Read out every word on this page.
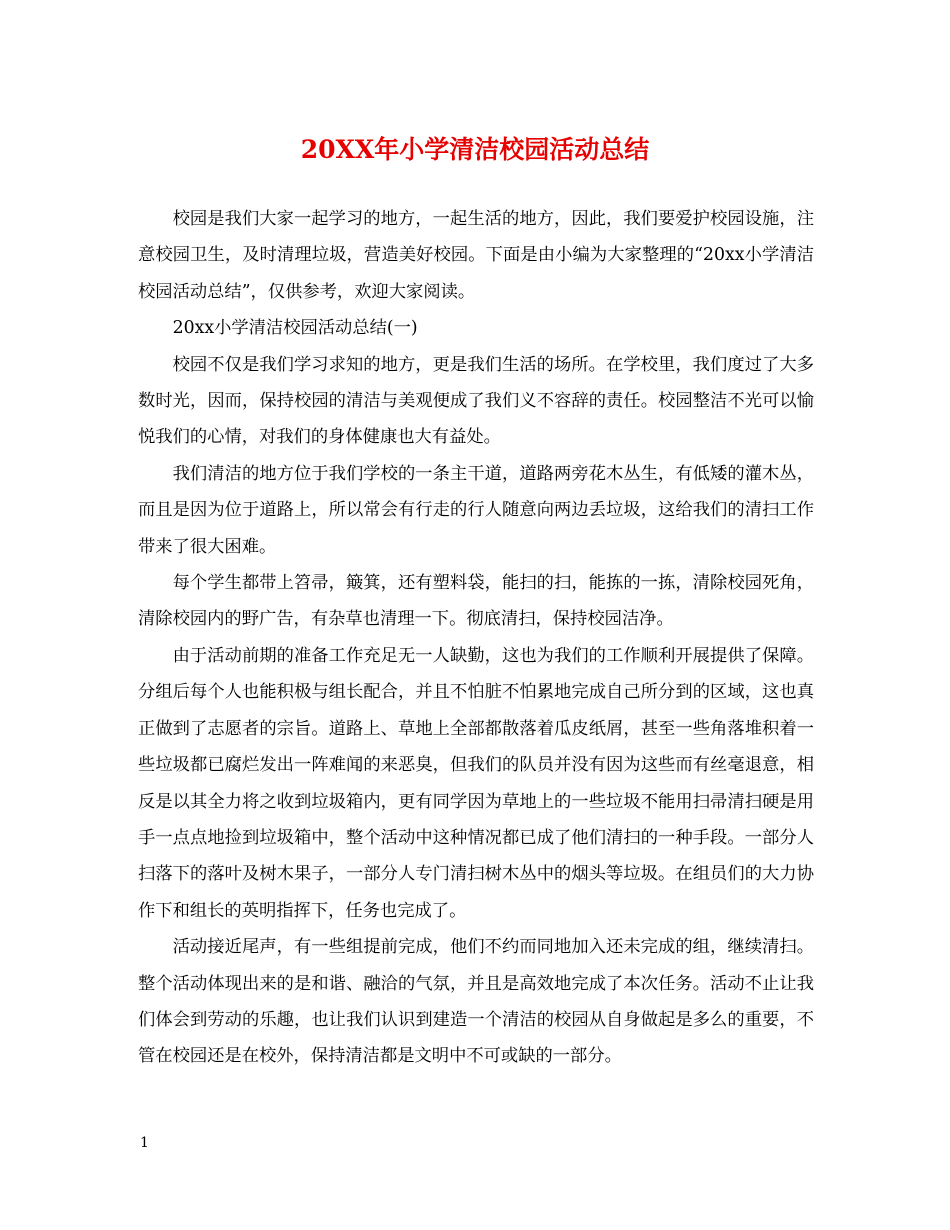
20XX年小学清洁校园活动总结

校园是我们大家一起学习的地方，一起生活的地方，因此，我们要爱护校园设施，注意校园卫生，及时清理垃圾，营造美好校园。下面是由小编为大家整理的“20xx小学清洁校园活动总结”，仅供参考，欢迎大家阅读。

20xx小学清洁校园活动总结(一)

校园不仅是我们学习求知的地方，更是我们生活的场所。在学校里，我们度过了大多数时光，因而，保持校园的清洁与美观便成了我们义不容辞的责任。校园整洁不光可以愉悦我们的心情，对我们的身体健康也大有益处。

我们清洁的地方位于我们学校的一条主干道，道路两旁花木丛生，有低矮的灌木丛，而且是因为位于道路上，所以常会有行走的行人随意向两边丢垃圾，这给我们的清扫工作带来了很大困难。

每个学生都带上笤帚，簸箕，还有塑料袋，能扫的扫，能拣的一拣，清除校园死角，清除校园内的野广告，有杂草也清理一下。彻底清扫，保持校园洁净。

由于活动前期的准备工作充足无一人缺勤，这也为我们的工作顺利开展提供了保障。分组后每个人也能积极与组长配合，并且不怕脏不怕累地完成自己所分到的区域，这也真正做到了志愿者的宗旨。道路上、草地上全部都散落着瓜皮纸屑，甚至一些角落堆积着一些垃圾都已腐烂发出一阵难闻的来恶臭，但我们的队员并没有因为这些而有丝毫退意，相反是以其全力将之收到垃圾箱内，更有同学因为草地上的一些垃圾不能用扫帚清扫硬是用手一点点地捡到垃圾箱中，整个活动中这种情况都已成了他们清扫的一种手段。一部分人扫落下的落叶及树木果子，一部分人专门清扫树木丛中的烟头等垃圾。在组员们的大力协作下和组长的英明指挥下，任务也完成了。

活动接近尾声，有一些组提前完成，他们不约而同地加入还未完成的组，继续清扫。整个活动体现出来的是和谐、融洽的气氛，并且是高效地完成了本次任务。活动不止让我们体会到劳动的乐趣，也让我们认识到建造一个清洁的校园从自身做起是多么的重要，不管在校园还是在校外，保持清洁都是文明中不可或缺的一部分。

1
